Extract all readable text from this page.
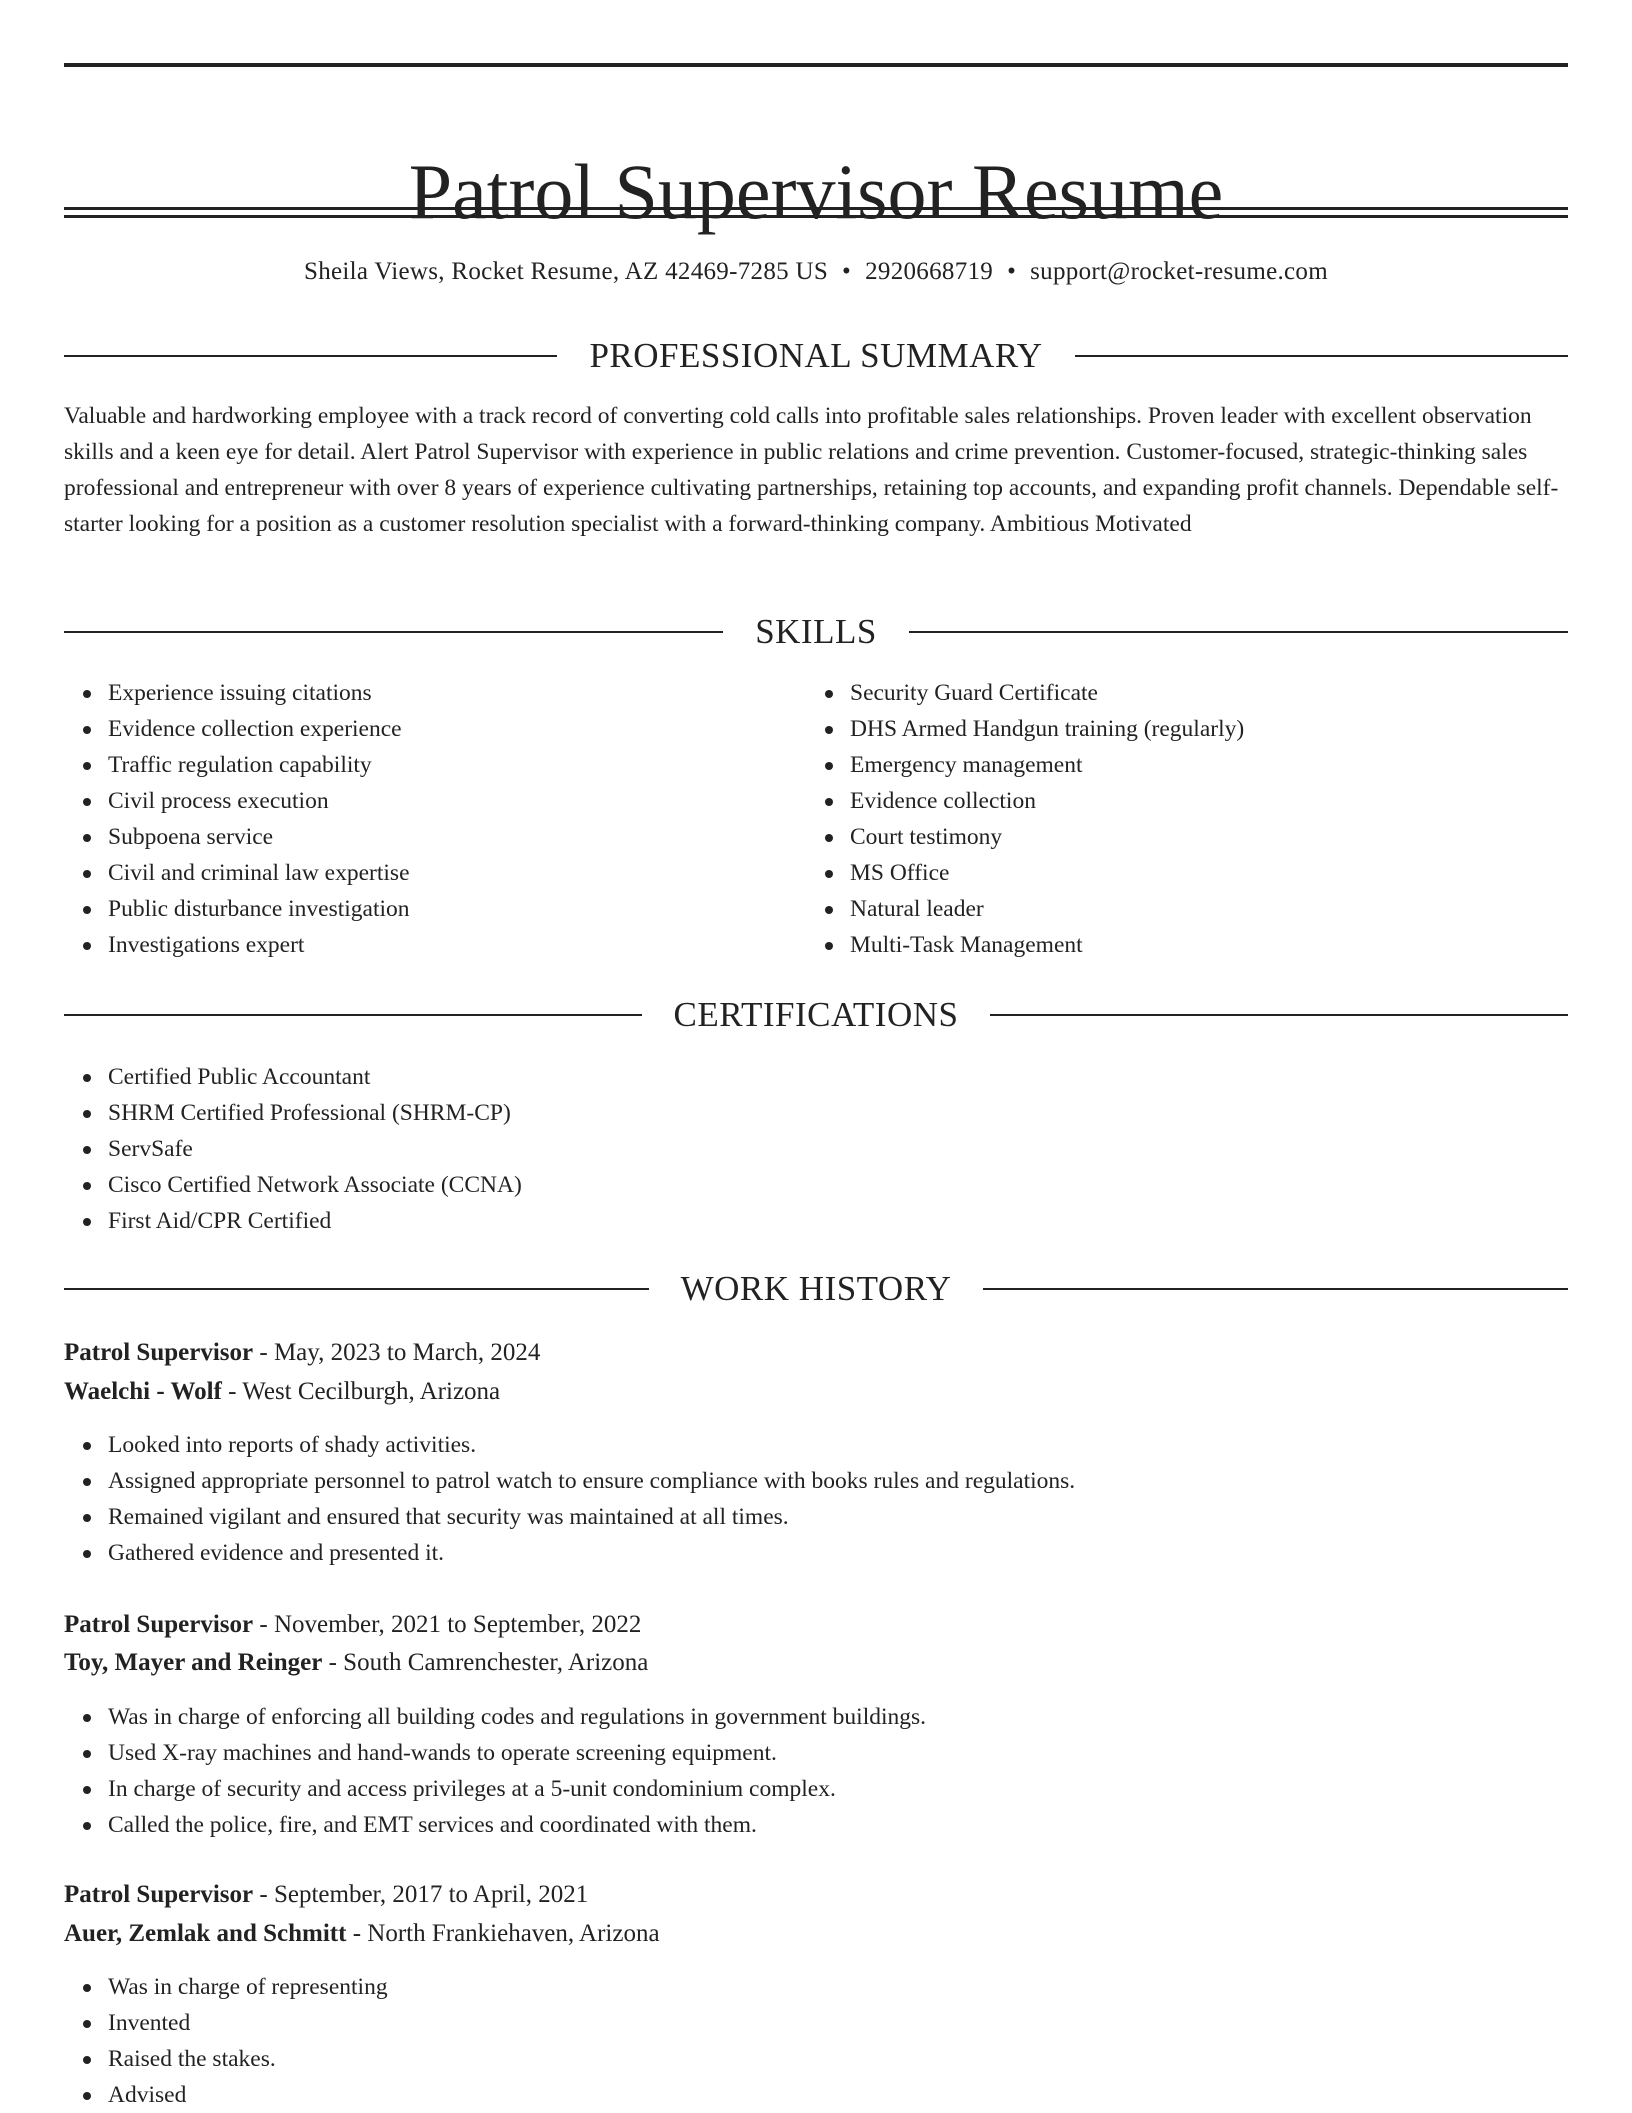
Patrol Supervisor Resume
Sheila Views, Rocket Resume, AZ 42469-7285 US • 2920668719 • support@rocket-resume.com
PROFESSIONAL SUMMARY

Valuable and hardworking employee with a track record of converting cold calls into profitable sales relationships. Proven leader with excellent observation skills and a keen eye for detail. Alert Patrol Supervisor with experience in public relations and crime prevention. Customer-focused, strategic-thinking sales professional and entrepreneur with over 8 years of experience cultivating partnerships, retaining top accounts, and expanding profit channels. Dependable self-starter looking for a position as a customer resolution specialist with a forward-thinking company. Ambitious Motivated

SKILLS
Experience issuing citations
Evidence collection experience
Traffic regulation capability
Civil process execution
Subpoena service
Civil and criminal law expertise
Public disturbance investigation
Investigations expert
Security Guard Certificate
DHS Armed Handgun training (regularly)
Emergency management
Evidence collection
Court testimony
MS Office
Natural leader
Multi-Task Management
CERTIFICATIONS
Certified Public Accountant
SHRM Certified Professional (SHRM-CP)
ServSafe
Cisco Certified Network Associate (CCNA)
First Aid/CPR Certified
WORK HISTORY
Patrol Supervisor - May, 2023 to March, 2024
Waelchi - Wolf - West Cecilburgh, Arizona
Looked into reports of shady activities.
Assigned appropriate personnel to patrol watch to ensure compliance with books rules and regulations.
Remained vigilant and ensured that security was maintained at all times.
Gathered evidence and presented it.
Patrol Supervisor - November, 2021 to September, 2022
Toy, Mayer and Reinger - South Camrenchester, Arizona
Was in charge of enforcing all building codes and regulations in government buildings.
Used X-ray machines and hand-wands to operate screening equipment.
In charge of security and access privileges at a 5-unit condominium complex.
Called the police, fire, and EMT services and coordinated with them.
Patrol Supervisor - September, 2017 to April, 2021
Auer, Zemlak and Schmitt - North Frankiehaven, Arizona
Was in charge of representing
Invented
Raised the stakes.
Advised
